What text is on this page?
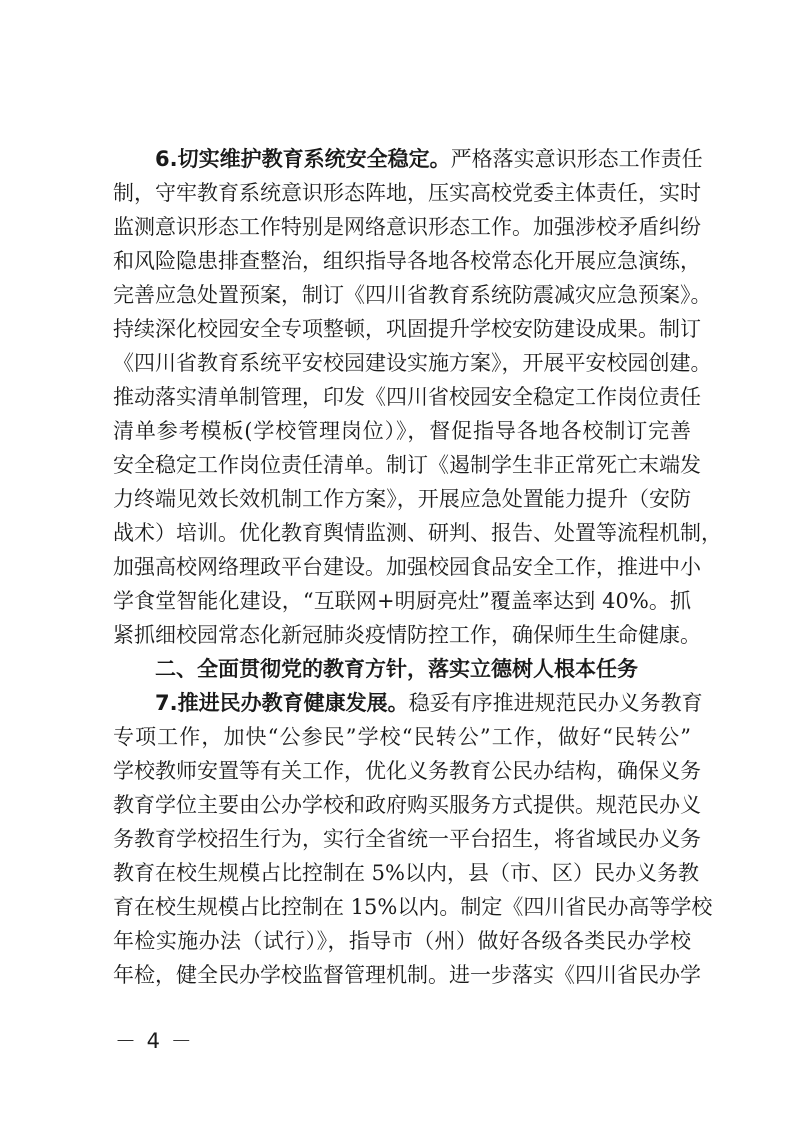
6.切实维护教育系统安全稳定。严格落实意识形态工作责任
制，守牢教育系统意识形态阵地，压实高校党委主体责任，实时
监测意识形态工作特别是网络意识形态工作。加强涉校矛盾纠纷
和风险隐患排查整治，组织指导各地各校常态化开展应急演练，
完善应急处置预案，制订《四川省教育系统防震减灾应急预案》。
持续深化校园安全专项整顿，巩固提升学校安防建设成果。制订
《四川省教育系统平安校园建设实施方案》，开展平安校园创建。
推动落实清单制管理，印发《四川省校园安全稳定工作岗位责任
清单参考模板(学校管理岗位）》，督促指导各地各校制订完善
安全稳定工作岗位责任清单。制订《遏制学生非正常死亡末端发
力终端见效长效机制工作方案》，开展应急处置能力提升（安防
战术）培训。优化教育舆情监测、研判、报告、处置等流程机制，
加强高校网络理政平台建设。加强校园食品安全工作，推进中小
学食堂智能化建设，“互联网+明厨亮灶”覆盖率达到 40%。抓
紧抓细校园常态化新冠肺炎疫情防控工作，确保师生生命健康。
二、全面贯彻党的教育方针，落实立德树人根本任务
7.推进民办教育健康发展。稳妥有序推进规范民办义务教育
专项工作，加快“公参民”学校“民转公”工作，做好“民转公”
学校教师安置等有关工作，优化义务教育公民办结构，确保义务
教育学位主要由公办学校和政府购买服务方式提供。规范民办义
务教育学校招生行为，实行全省统一平台招生，将省域民办义务
教育在校生规模占比控制在 5%以内，县（市、区）民办义务教
育在校生规模占比控制在 15%以内。制定《四川省民办高等学校
年检实施办法（试行）》，指导市（州）做好各级各类民办学校
年检，健全民办学校监督管理机制。进一步落实《四川省民办学
－ 4 －
